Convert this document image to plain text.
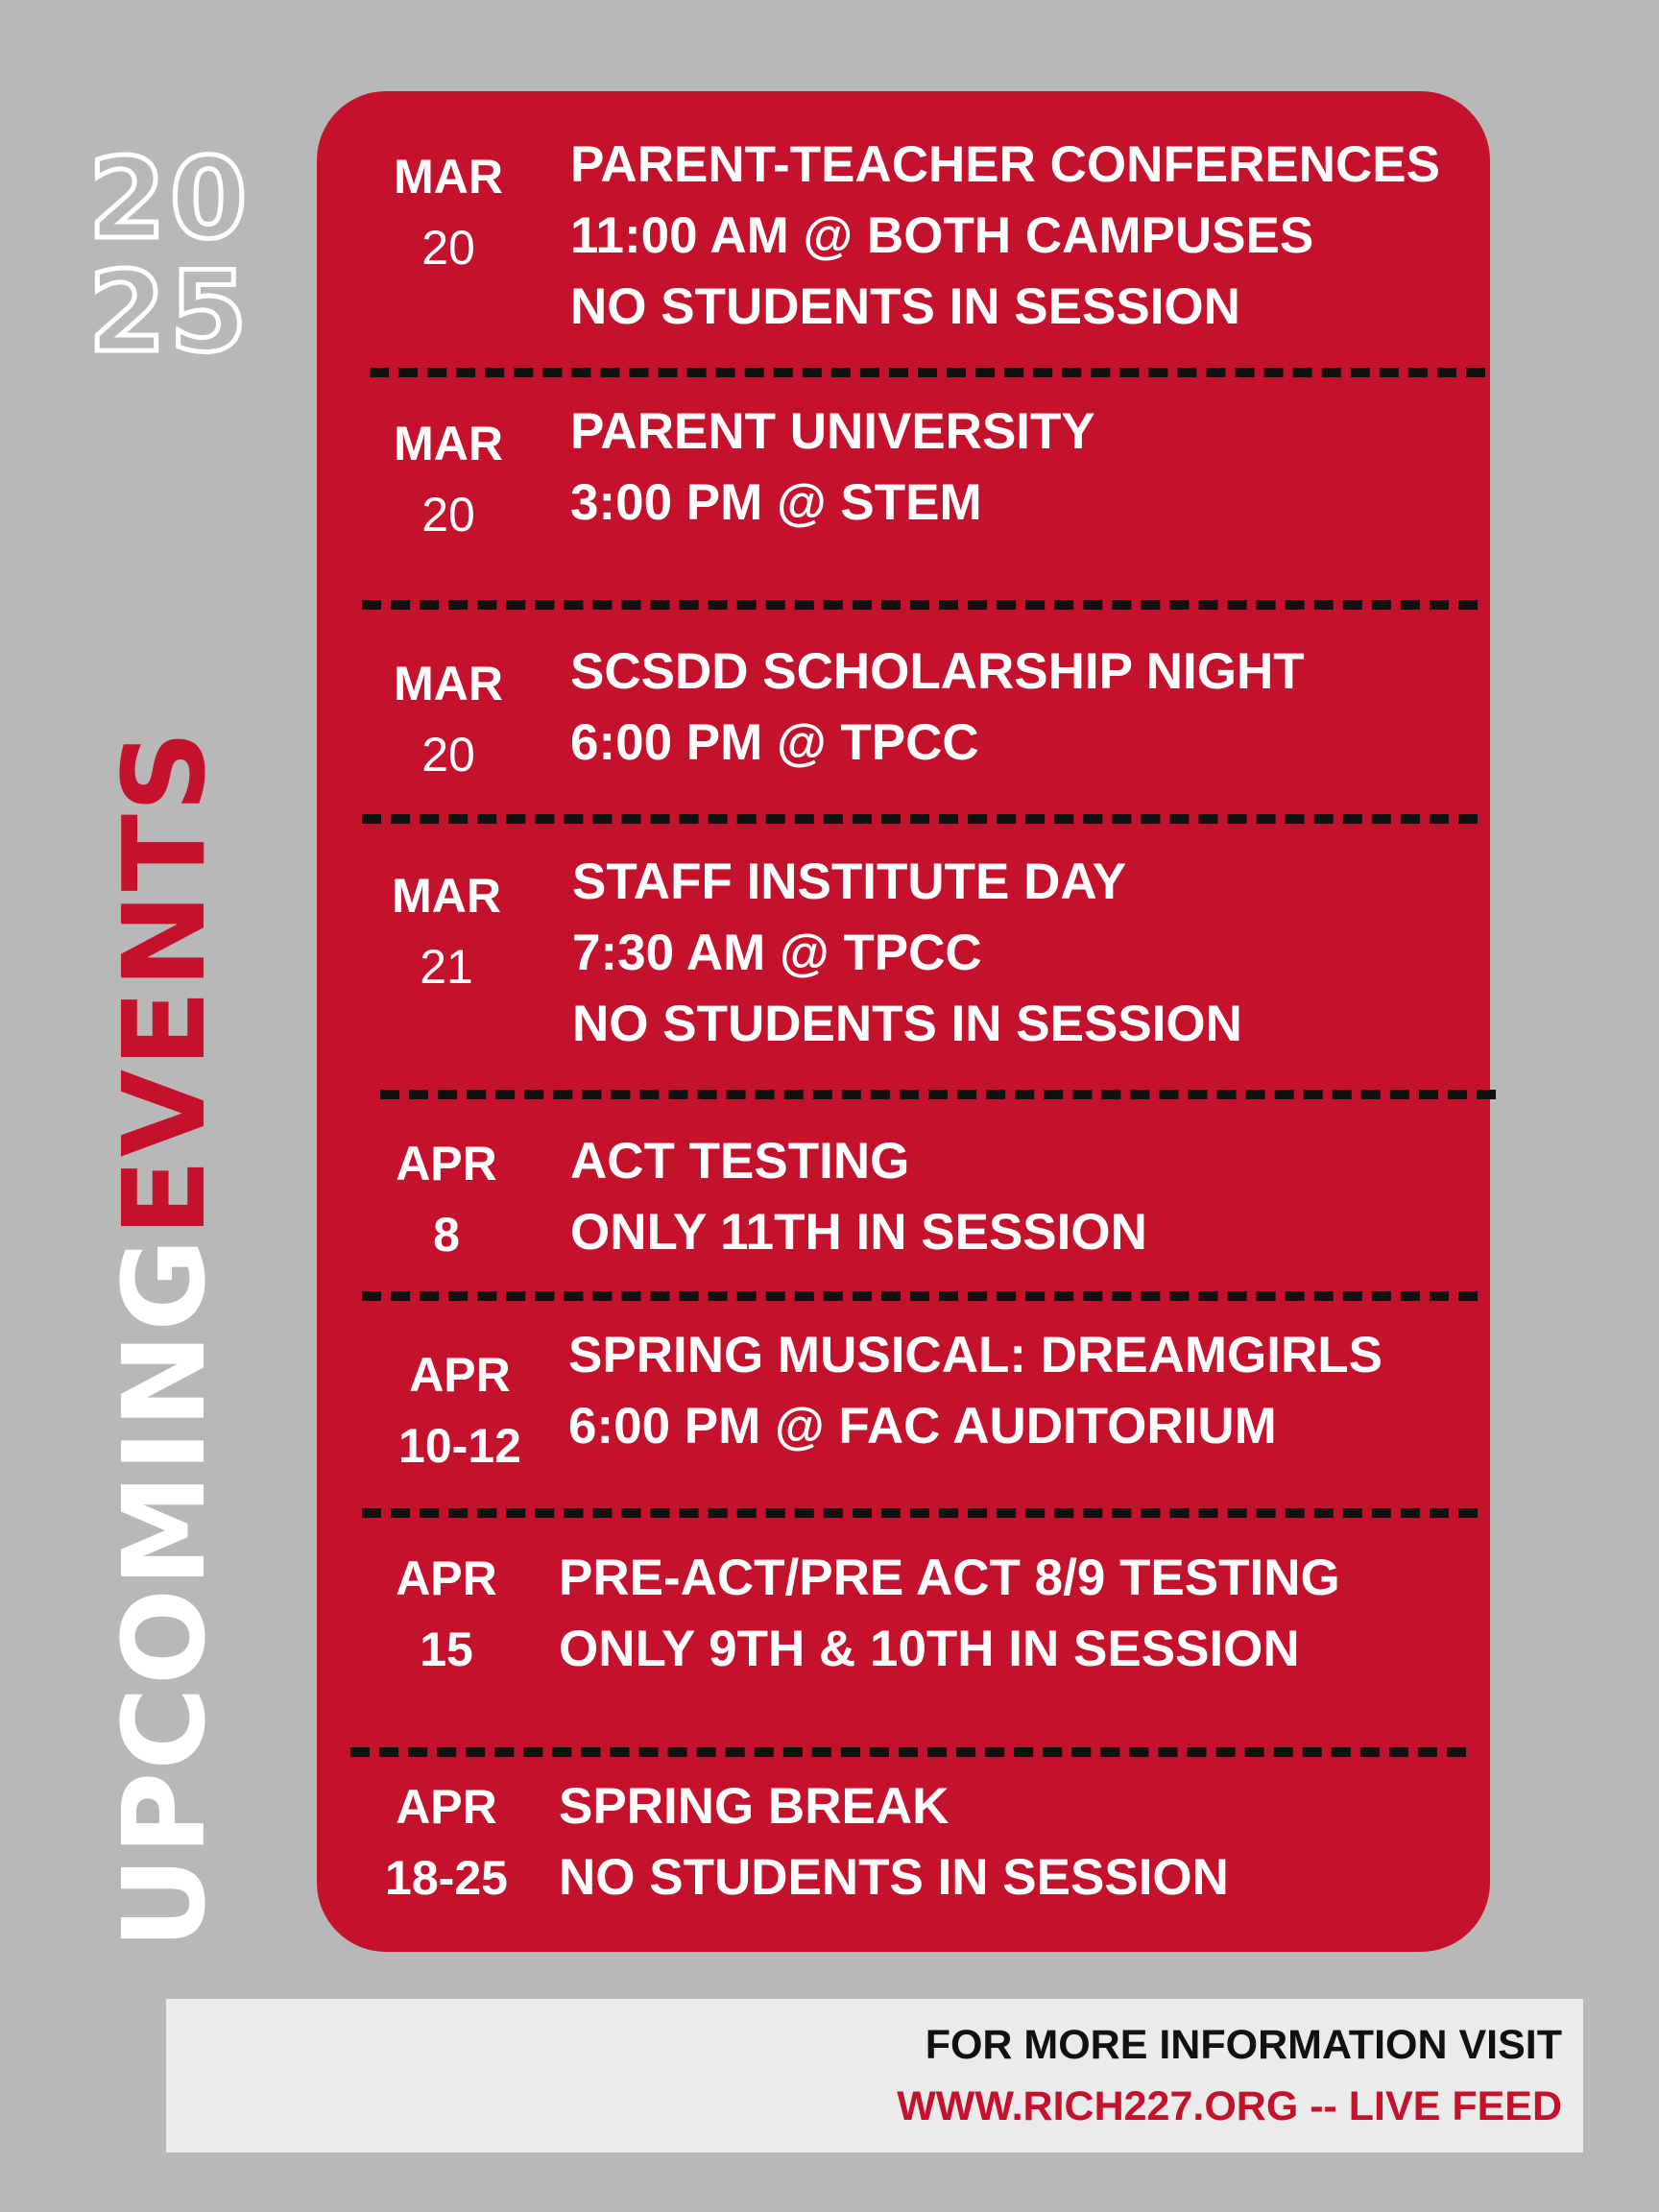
20
25
UPCOMINGEVENTS
MAR
20
PARENT-TEACHER CONFERENCES
11:00 AM @ BOTH CAMPUSES
NO STUDENTS IN SESSION
MAR
20
PARENT UNIVERSITY
3:00 PM @ STEM
MAR
20
SCSDD SCHOLARSHIP NIGHT
6:00 PM @ TPCC
MAR
21
STAFF INSTITUTE DAY
7:30 AM @ TPCC
NO STUDENTS IN SESSION
APR
8
ACT TESTING
ONLY 11TH IN SESSION
APR
10-12
SPRING MUSICAL: DREAMGIRLS
6:00 PM @ FAC AUDITORIUM
APR
15
PRE-ACT/PRE ACT 8/9 TESTING
ONLY 9TH & 10TH IN SESSION
APR
18-25
SPRING BREAK
NO STUDENTS IN SESSION
FOR MORE INFORMATION VISIT
WWW.RICH227.ORG -- LIVE FEED
